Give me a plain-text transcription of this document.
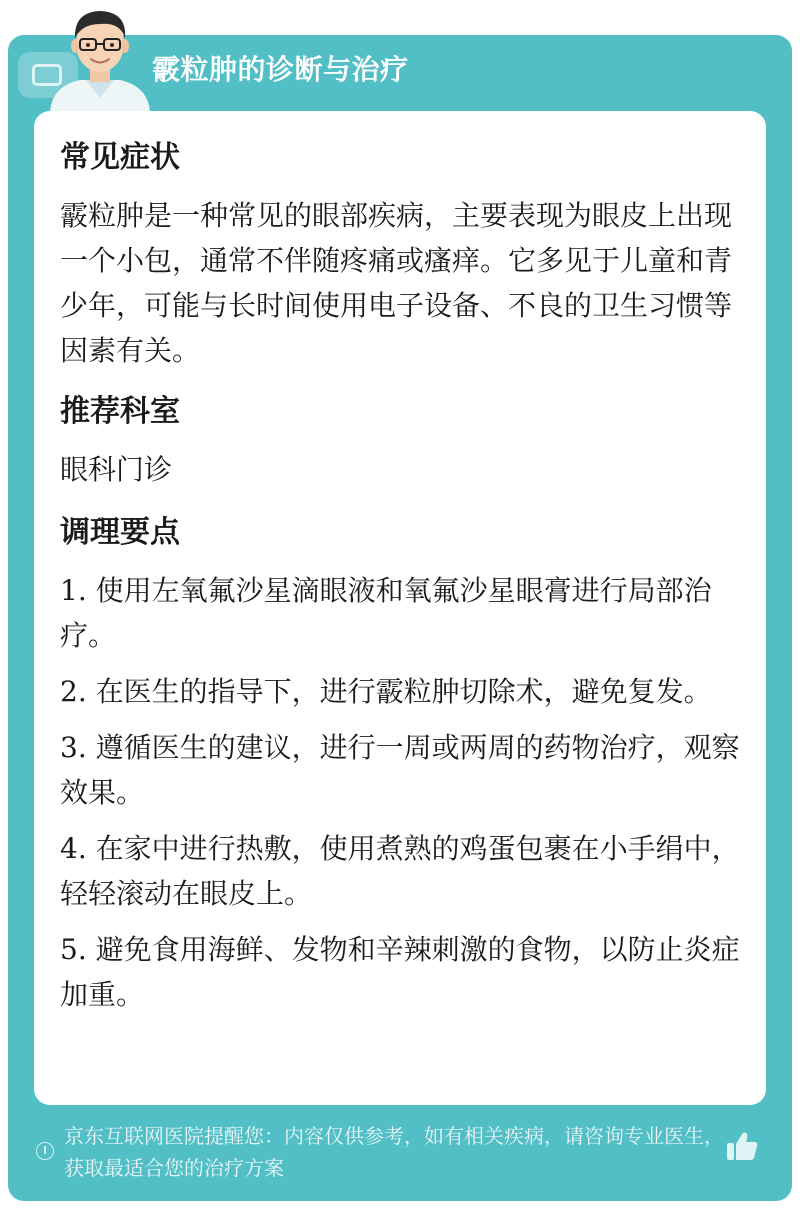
霰粒肿的诊断与治疗
常见症状

霰粒肿是一种常见的眼部疾病，主要表现为眼皮上出现一个小包，通常不伴随疼痛或瘙痒。它多见于儿童和青少年，可能与长时间使用电子设备、不良的卫生习惯等因素有关。

推荐科室

眼科门诊

调理要点
1. 使用左氧氟沙星滴眼液和氧氟沙星眼膏进行局部治疗。
2. 在医生的指导下，进行霰粒肿切除术，避免复发。
3. 遵循医生的建议，进行一周或两周的药物治疗，观察效果。
4. 在家中进行热敷，使用煮熟的鸡蛋包裹在小手绢中，轻轻滚动在眼皮上。
5. 避免食用海鲜、发物和辛辣刺激的食物，以防止炎症加重。

京东互联网医院提醒您：内容仅供参考，如有相关疾病，请咨询专业医生，获取最适合您的治疗方案
